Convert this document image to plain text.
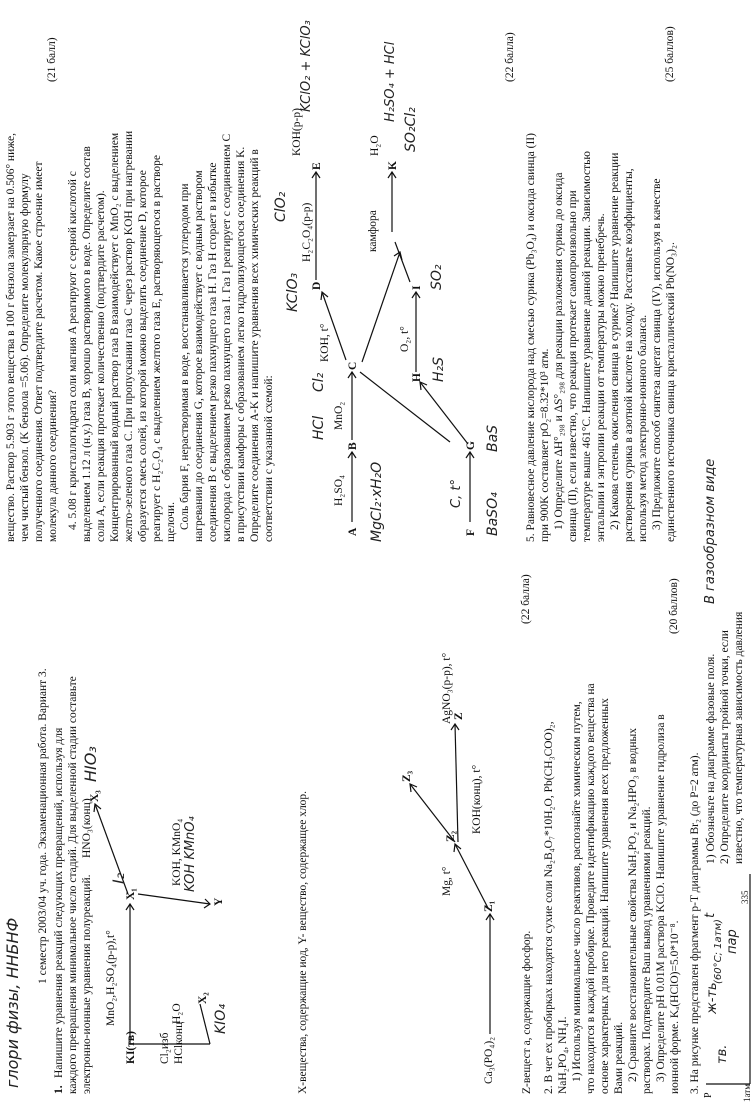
глори физы, ННБНФ
1 семестр 2003/04 уч. года. Экзаменационная работа. Вариант 3.
1.
Напишите уравнения реакций следующих превращений, используя для каждого превращения минимальное число стадий. Для выделенной стадии составьте электронно-ионные уравнения полуреакций. MnO₂,H₂SO₄(р-р),t°
KI(тв)
X₁
I₂
Cl₂изб HClконц
H₂O
X₂
KIO₄
HNO₃(конц)
X₃
HIO₃
KOH, KMnO₄ KOH KMnO₄
Y	X-вещества, содержащие иод, Y- вещество, содержащее хлор.	Ca₃(PO₄)₂
Z₁
Mg, t°
Z₂
KOH(конц), t°
Z₃
AgNO₃(р-р), t° Z
Z-вещест а, содержащие фосфор.
(22 балла)
2. В чет ех пробирках находятся сухие соли Na₂B₄O₇*10H₂O, Pb(CH₃COO)₂, NaH₂PO₄, NH₄I. 1) Используя минимальное число реактивов, распознайте химическим путем, что находится в каждой пробирке. Проведите идентификацию каждого вещества на основе характерных для него реакций. Напишите уравнения всех предложенных Вами реакций. 2) Сравните восстановительные свойства NaH₂PO₂ и Na₂HPO₃ в водных растворах. Подтвердите Ваш вывод уравнениями реакций. 3) Определите pH 0.01M раствора KClO. Напишите уравнение гидролиза в ионной форме. Kₐ(HClO)=5.0*10⁻⁸.
(20 баллов)
3. На рисунке представлен фрагмент p-T диаграммы Br₂ (до P=2 атм).
вещество. Раствор 5.903 г этого вещества в 100 г бензола замерзает на 0.506° ниже, чем чистый бензол. (K бензола =5.06). Определите молекулярную формулу полученного соединения. Ответ подтвердите расчетом. Какое строение имеет молекула данного соединения?
(21 балл)
4. 5.08 г кристаллогидрата соли магния A реагируют с серной кислотой с выделением 1.12 л (н.у.) газа B, хорошо растворимого в воде. Определите состав соли A, если реакция протекает количественно (подтвердите расчетом). Концентрированный водный раствор газа B взаимодействует с MnO₂ с выделением желто-зеленого газа C. При пропускании газа C через раствор KOH при нагревании образуется смесь солей, из которой можно выделить соединение D, которое реагирует с H₂C₂O₄ с выделением желтого газа E, растворяющегося в растворе щелочи. Соль бария F, нерастворимая в воде, восстанавливается углеродом при нагревании до соединения G, которое взаимодействует с водным раствором соединения B с выделением резко пахнущего газа H. Газ H сгорает в избытке кислорода с образованием резко пахнущего газа I. Газ I реагирует с соединением C в присутствии камфоры с образованием легко гидролизующегося соединения K. Определите соединения A-K и напишите уравнения всех химических реакций в соответствии с указанной схемой:	A
H₂SO₄
B
MnO₂
C
KOH, t°
D
H₂C₂O₄(р-р)
E
KOH(р-р)
F
G
H
O₂, t°
I
камфора
K
H₂O
MgCl₂·xH₂O
HCl
Cl₂
KClO₃
ClO₂
KClO₂ + KClO₃
SO₂Cl₂
H₂SO₄ + HCl
SO₂
BaSO₄
BaS
H₂S
C, t°
(22 балла)
5. Равновесное давление кислорода над смесью сурика (Pb₃O₄) и оксида свинца (II) при 900K составляет pO₂=8.32*10³ атм. 1) Определите ΔH°₂₉₈ и ΔS°₂₉₈ для реакции разложения сурика до оксида свинца (II), если известно, что реакция протекает самопроизвольно при температуре выше 461°C. Напишите уравнение данной реакции. Зависимостью энтальпии и энтропии реакции от температуры можно пренебречь. 2) Какова степень окисления свинца в сурике? Напишите уравнение реакции растворения сурика в азотной кислоте на холоду. Расставьте коэффициенты, используя метод электронно-ионного баланса. 3) Предложите способ синтеза ацетат свинца (IV), используя в качестве единственного источника свинца кристаллический Pb(NO₃)₂.
(25 баллов)
1) Обозначьте на диаграмме фазовые поля. 2) Определите координаты тройной точки, если известно, что температурная зависимость давления
В газообразном виде
P	1атм
335
тв.
ж-ть
пар
(60°C; 1атм)
t
